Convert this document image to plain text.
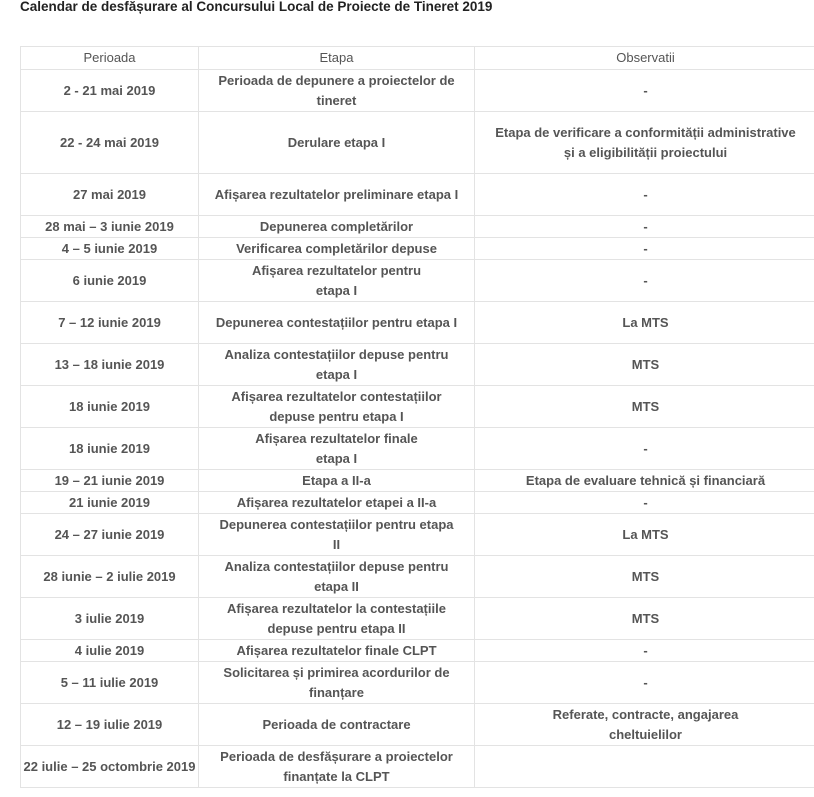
Calendar de desfășurare al Concursului Local de Proiecte de Tineret 2019
Perioada	Etapa	Observatii
2 - 21 mai 2019	Perioada de depunere a proiectelor de tineret	-
22 - 24 mai 2019	Derulare etapa I	Etapa de verificare a conformității administrative și a eligibilității proiectului
27 mai 2019	Afișarea rezultatelor preliminare etapa I	-
28 mai – 3 iunie 2019	Depunerea completărilor	-
4 – 5 iunie 2019	Verificarea completărilor depuse	-
6 iunie 2019	Afișarea rezultatelor pentru etapa I	-
7 – 12 iunie 2019	Depunerea contestațiilor pentru etapa I	La MTS
13 – 18 iunie 2019	Analiza contestațiilor depuse pentru etapa I	MTS
18 iunie 2019	Afișarea rezultatelor contestațiilor depuse pentru etapa I	MTS
18 iunie 2019	Afișarea rezultatelor finale etapa I	-
19 – 21 iunie 2019	Etapa a II-a	Etapa de evaluare tehnică și financiară
21 iunie 2019	Afișarea rezultatelor etapei a II-a	-
24 – 27 iunie 2019	Depunerea contestațiilor pentru etapa II	La MTS
28 iunie – 2 iulie 2019	Analiza contestațiilor depuse pentru etapa II	MTS
3 iulie 2019	Afișarea rezultatelor la contestațiile depuse pentru etapa II	MTS
4 iulie 2019	Afișarea rezultatelor finale CLPT	-
5 – 11 iulie 2019	Solicitarea și primirea acordurilor de finanțare	-
12 – 19 iulie 2019	Perioada de contractare	Referate, contracte, angajarea cheltuielilor
22 iulie – 25 octombrie 2019	Perioada de desfășurare a proiectelor finanțate la CLPT	
